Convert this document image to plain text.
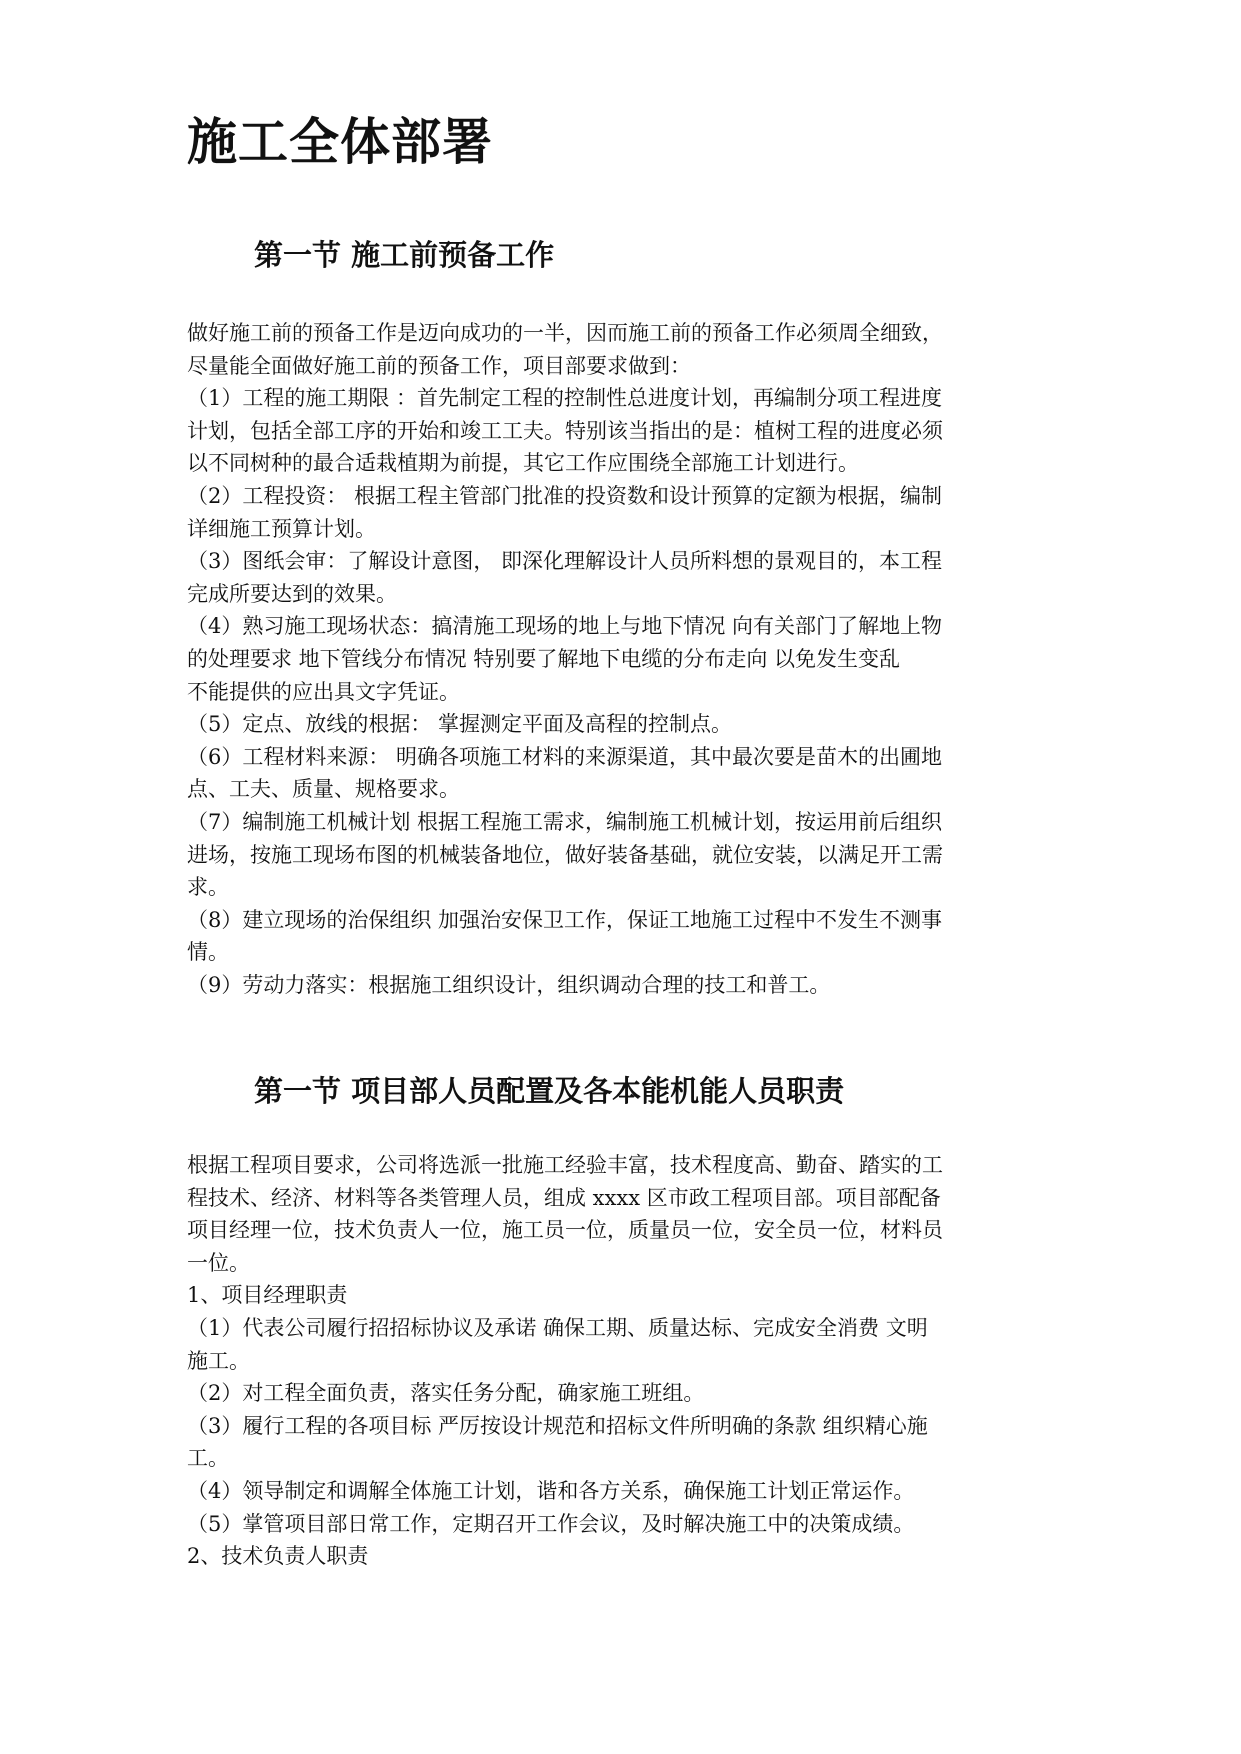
施工全体部署
第一节 施工前预备工作

做好施工前的预备工作是迈向成功的一半，因而施工前的预备工作必须周全细致，

尽量能全面做好施工前的预备工作，项目部要求做到：

（1）工程的施工期限 ：首先制定工程的控制性总进度计划，再编制分项工程进度

计划，包括全部工序的开始和竣工工夫。特别该当指出的是：植树工程的进度必须

以不同树种的最合适栽植期为前提，其它工作应围绕全部施工计划进行。

（2）工程投资： 根据工程主管部门批准的投资数和设计预算的定额为根据，编制

详细施工预算计划。

（3）图纸会审：了解设计意图， 即深化理解设计人员所料想的景观目的，本工程

完成所要达到的效果。

（4）熟习施工现场状态：搞清施工现场的地上与地下情况 向有关部门了解地上物

的处理要求 地下管线分布情况 特别要了解地下电缆的分布走向 以免发生变乱

不能提供的应出具文字凭证。

（5）定点、放线的根据： 掌握测定平面及高程的控制点。

（6）工程材料来源： 明确各项施工材料的来源渠道，其中最次要是苗木的出圃地

点、工夫、质量、规格要求。

（7）编制施工机械计划 根据工程施工需求，编制施工机械计划，按运用前后组织

进场，按施工现场布图的机械装备地位，做好装备基础，就位安装，以满足开工需

求。

（8）建立现场的治保组织 加强治安保卫工作，保证工地施工过程中不发生不测事

情。

（9）劳动力落实：根据施工组织设计，组织调动合理的技工和普工。

第一节 项目部人员配置及各本能机能人员职责

根据工程项目要求，公司将选派一批施工经验丰富，技术程度高、勤奋、踏实的工

程技术、经济、材料等各类管理人员，组成 xxxx 区市政工程项目部。项目部配备

项目经理一位，技术负责人一位，施工员一位，质量员一位，安全员一位，材料员

一位。

1、项目经理职责

（1）代表公司履行招招标协议及承诺 确保工期、质量达标、完成安全消费 文明

施工。

（2）对工程全面负责，落实任务分配，确家施工班组。

（3）履行工程的各项目标 严厉按设计规范和招标文件所明确的条款 组织精心施

工。

（4）领导制定和调解全体施工计划，谐和各方关系，确保施工计划正常运作。

（5）掌管项目部日常工作，定期召开工作会议，及时解决施工中的决策成绩。

2、技术负责人职责
